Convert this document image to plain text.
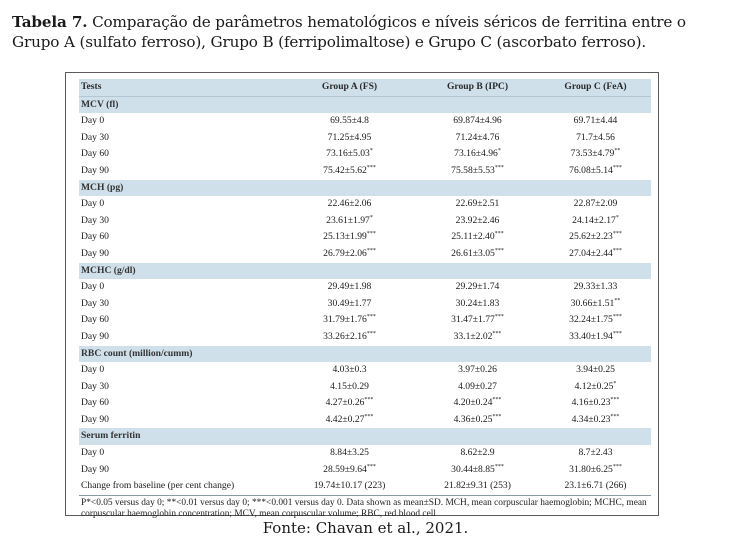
Tabela 7. Comparação de parâmetros hematológicos e níveis séricos de ferritina entre o Grupo A (sulfato ferroso), Grupo B (ferripolimaltose) e Grupo C (ascorbato ferroso).
Tests	Group A (FS)	Group B (IPC)	Group C (FeA)
MCV (fl)			
Day 0	69.55±4.8	69.874±4.96	69.71±4.44
Day 30	71.25±4.95	71.24±4.76	71.7±4.56
Day 60	73.16±5.03*	73.16±4.96*	73.53±4.79**
Day 90	75.42±5.62***	75.58±5.53***	76.08±5.14***
MCH (pg)			
Day 0	22.46±2.06	22.69±2.51	22.87±2.09
Day 30	23.61±1.97*	23.92±2.46	24.14±2.17*
Day 60	25.13±1.99***	25.11±2.40***	25.62±2.23***
Day 90	26.79±2.06***	26.61±3.05***	27.04±2.44***
MCHC (g/dl)			
Day 0	29.49±1.98	29.29±1.74	29.33±1.33
Day 30	30.49±1.77	30.24±1.83	30.66±1.51**
Day 60	31.79±1.76***	31.47±1.77***	32.24±1.75***
Day 90	33.26±2.16***	33.1±2.02***	33.40±1.94***
RBC count (million/cumm)			
Day 0	4.03±0.3	3.97±0.26	3.94±0.25
Day 30	4.15±0.29	4.09±0.27	4.12±0.25*
Day 60	4.27±0.26***	4.20±0.24***	4.16±0.23***
Day 90	4.42±0.27***	4.36±0.25***	4.34±0.23***
Serum ferritin			
Day 0	8.84±3.25	8.62±2.9	8.7±2.43
Day 90	28.59±9.64***	30.44±8.85***	31.80±6.25***
Change from baseline (per cent change)	19.74±10.17 (223)	21.82±9.31 (253)	23.1±6.71 (266)
P*<0.05 versus day 0; **<0.01 versus day 0; ***<0.001 versus day 0. Data shown as mean±SD. MCH, mean corpuscular haemoglobin; MCHC, mean corpuscular haemoglobin concentration; MCV, mean corpuscular volume; RBC, red blood cell
Fonte: Chavan et al., 2021.
